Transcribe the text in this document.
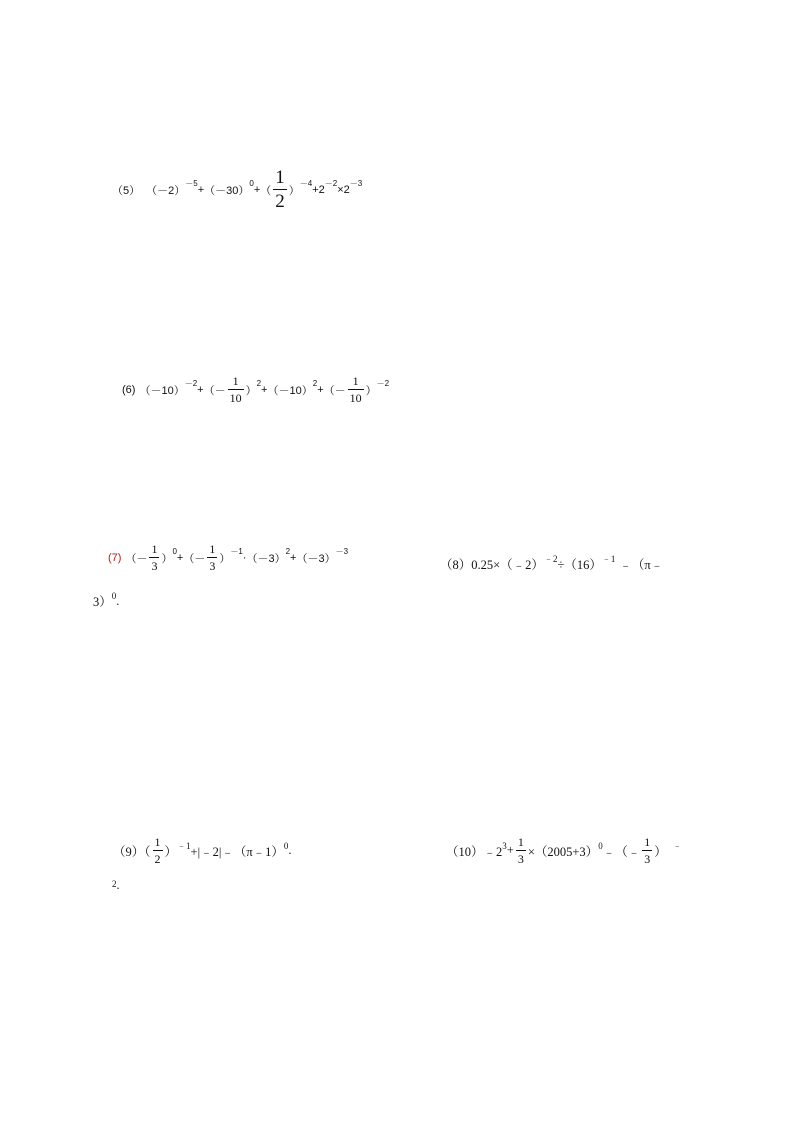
（5） （－2）
$^{-5}$
+ （－30）
$^0$
+ （ $\frac{1}{2}$ ）
$^{-4}$
+2
$^{-2}$
×2
$^{-3}$
(6) （－10）
$^{-2}$
+ （－ $\frac{1}{10}$ ）
$^2$
+ （－10）
$^2$
+ （－ $\frac{1}{10}$ ）
$^{-2}$
(7) （－ $\frac{1}{3}$ ）
$^0$
+ （－ $\frac{1}{3}$ ）
$^{-1}$
· （－3）
$^2$
+ （－3）
$^{-3}$
（8）0.25×（﹣2）$^{﹣2}$ $\div(16)^{﹣1}$ ﹣（π﹣
3）$^0$ .
$(9)( \frac{1}{2} )^{﹣1}$ +|﹣2|﹣（π﹣1）$^0$ .	$(10)﹣2^3 + \frac{1}{3} \times(2005+3)^0$ ﹣（﹣ $\frac{1}{3}$ ） ﹣
$^2$ .
